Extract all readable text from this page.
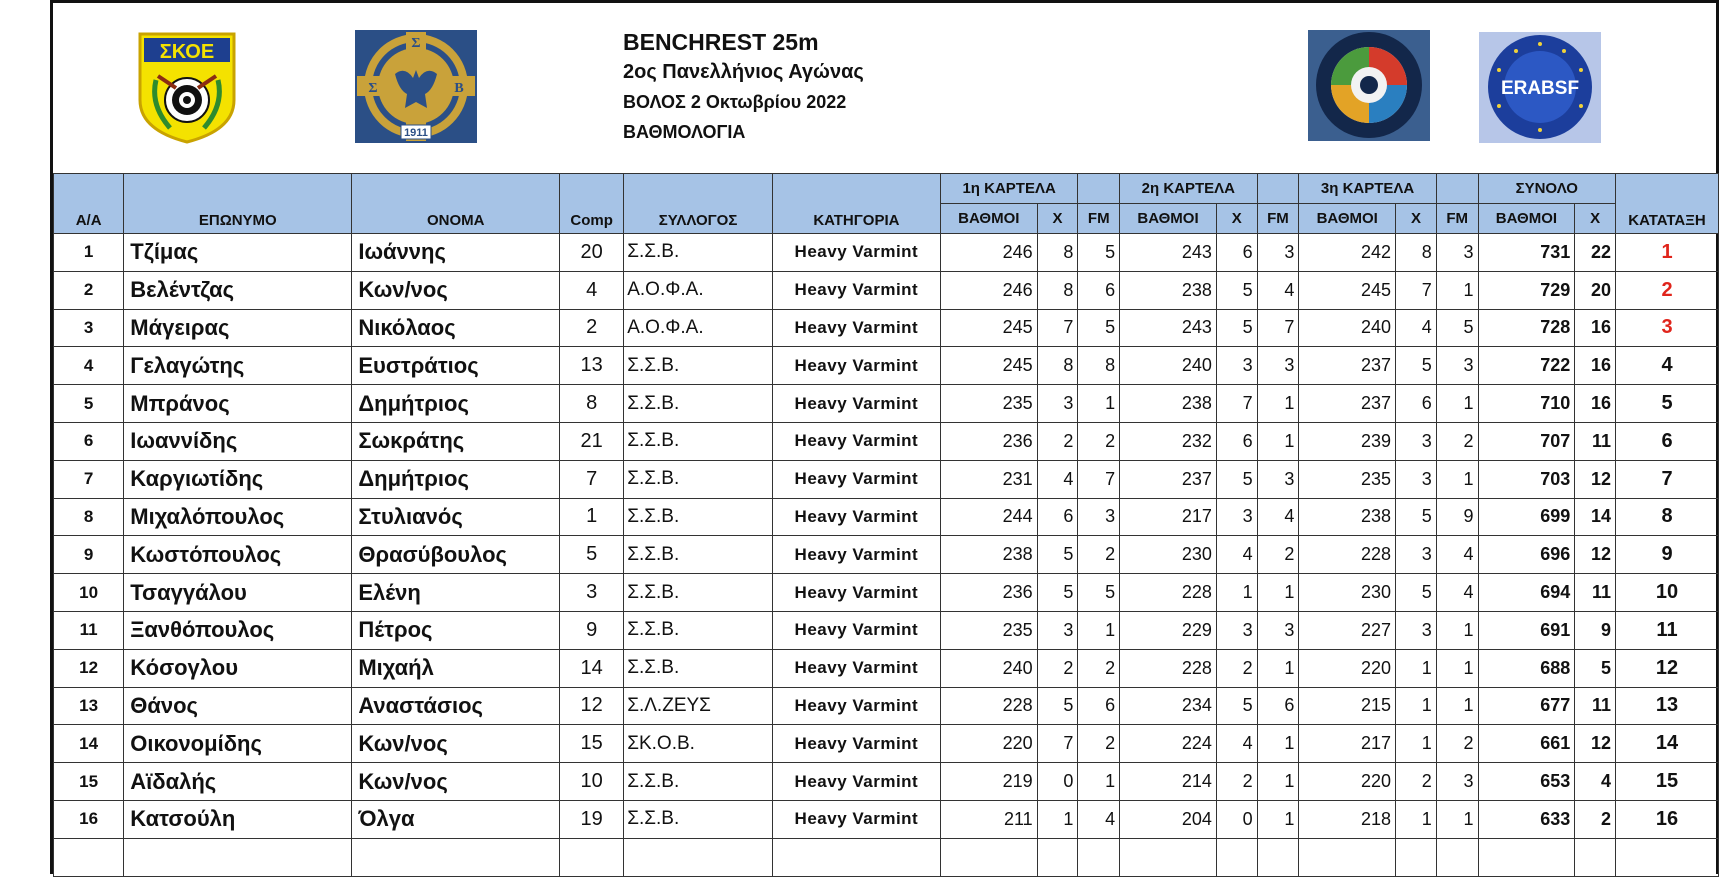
ΣΚΟΕ	Σ
Σ	Β
1911
BENCHREST 25m
2ος Πανελλήνιος Αγώνας
ΒΟΛΟΣ 2 Οκτωβρίου 2022
ΒΑΘΜΟΛΟΓΙΑ
ERABSF
Α/Α	ΕΠΩΝΥΜΟ	ΟΝΟΜΑ	Comp	ΣΥΛΛΟΓΟΣ	ΚΑΤΗΓΟΡΙΑ	1η ΚΑΡΤΕΛΑ			2η ΚΑΡΤΕΛΑ			3η ΚΑΡΤΕΛΑ			ΣΥΝΟΛΟ		ΚΑΤΑΤΑΞΗ
						ΒΑΘΜΟΙ	X	FM	ΒΑΘΜΟΙ	X	FM	ΒΑΘΜΟΙ	X	FM	ΒΑΘΜΟΙ	X	
1	Τζίμας	Ιωάννης	20	Σ.Σ.Β.	Heavy Varmint	246	8	5	243	6	3	242	8	3	731	22	1
2	Βελέντζας	Κων/νος	4	Α.Ο.Φ.Α.	Heavy Varmint	246	8	6	238	5	4	245	7	1	729	20	2
3	Μάγειρας	Νικόλαος	2	Α.Ο.Φ.Α.	Heavy Varmint	245	7	5	243	5	7	240	4	5	728	16	3
4	Γελαγώτης	Ευστράτιος	13	Σ.Σ.Β.	Heavy Varmint	245	8	8	240	3	3	237	5	3	722	16	4
5	Μπράνος	Δημήτριος	8	Σ.Σ.Β.	Heavy Varmint	235	3	1	238	7	1	237	6	1	710	16	5
6	Ιωαννίδης	Σωκράτης	21	Σ.Σ.Β.	Heavy Varmint	236	2	2	232	6	1	239	3	2	707	11	6
7	Καργιωτίδης	Δημήτριος	7	Σ.Σ.Β.	Heavy Varmint	231	4	7	237	5	3	235	3	1	703	12	7
8	Μιχαλόπουλος	Στυλιανός	1	Σ.Σ.Β.	Heavy Varmint	244	6	3	217	3	4	238	5	9	699	14	8
9	Κωστόπουλος	Θρασύβουλος	5	Σ.Σ.Β.	Heavy Varmint	238	5	2	230	4	2	228	3	4	696	12	9
10	Τσαγγάλου	Ελένη	3	Σ.Σ.Β.	Heavy Varmint	236	5	5	228	1	1	230	5	4	694	11	10
11	Ξανθόπουλος	Πέτρος	9	Σ.Σ.Β.	Heavy Varmint	235	3	1	229	3	3	227	3	1	691	9	11
12	Κόσογλου	Μιχαήλ	14	Σ.Σ.Β.	Heavy Varmint	240	2	2	228	2	1	220	1	1	688	5	12
13	Θάνος	Αναστάσιος	12	Σ.Λ.ΖΕΥΣ	Heavy Varmint	228	5	6	234	5	6	215	1	1	677	11	13
14	Οικονομίδης	Κων/νος	15	ΣΚ.Ο.Β.	Heavy Varmint	220	7	2	224	4	1	217	1	2	661	12	14
15	Αϊδαλής	Κων/νος	10	Σ.Σ.Β.	Heavy Varmint	219	0	1	214	2	1	220	2	3	653	4	15
16	Κατσούλη	Όλγα	19	Σ.Σ.Β.	Heavy Varmint	211	1	4	204	0	1	218	1	1	633	2	16
